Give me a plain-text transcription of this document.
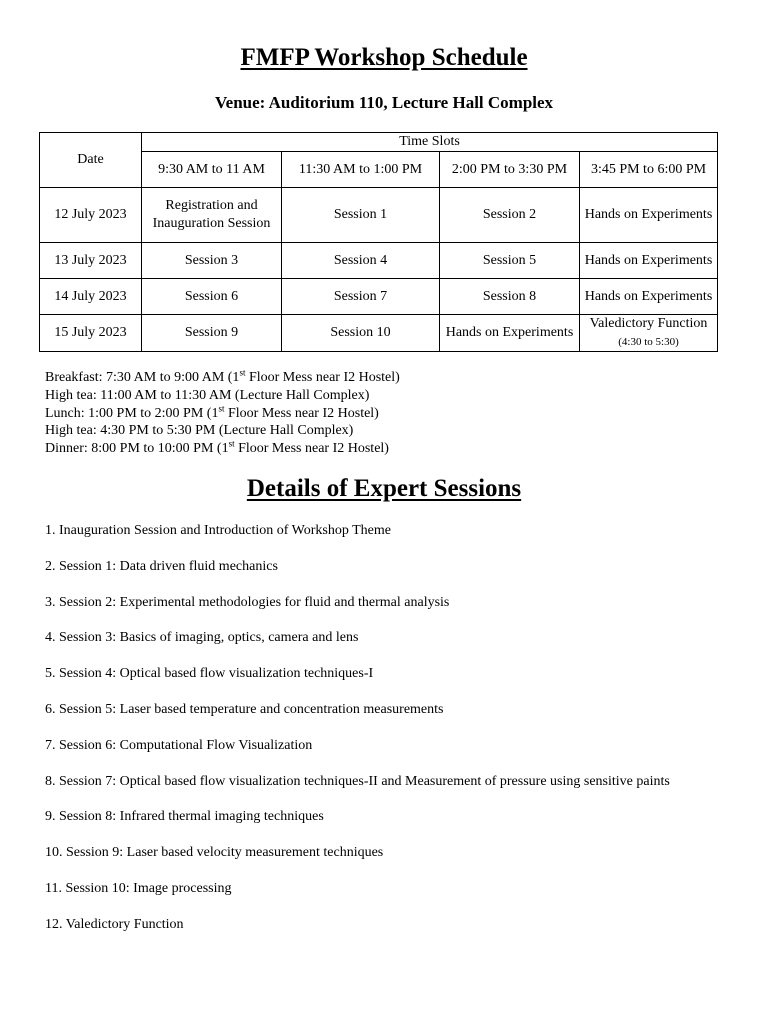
FMFP Workshop Schedule
Venue: Auditorium 110, Lecture Hall Complex
Date	Time Slots			
	9:30 AM to 11 AM	11:30 AM to 1:00 PM	2:00 PM to 3:30 PM	3:45 PM to 6:00 PM
12 July 2023	Registration and Inauguration Session	Session 1	Session 2	Hands on Experiments
13 July 2023	Session 3	Session 4	Session 5	Hands on Experiments
14 July 2023	Session 6	Session 7	Session 8	Hands on Experiments
15 July 2023	Session 9	Session 10	Hands on Experiments	Valedictory Function (4:30 to 5:30)
Breakfast: 7:30 AM to 9:00 AM (1st Floor Mess near I2 Hostel)
High tea: 11:00 AM to 11:30 AM (Lecture Hall Complex)
Lunch: 1:00 PM to 2:00 PM (1st Floor Mess near I2 Hostel)
High tea: 4:30 PM to 5:30 PM (Lecture Hall Complex)
Dinner: 8:00 PM to 10:00 PM (1st Floor Mess near I2 Hostel)
Details of Expert Sessions
1. Inauguration Session and Introduction of Workshop Theme
2. Session 1: Data driven fluid mechanics
3. Session 2: Experimental methodologies for fluid and thermal analysis
4. Session 3: Basics of imaging, optics, camera and lens
5. Session 4: Optical based flow visualization techniques-I
6. Session 5: Laser based temperature and concentration measurements
7. Session 6: Computational Flow Visualization
8. Session 7: Optical based flow visualization techniques-II and Measurement of pressure using sensitive paints
9. Session 8: Infrared thermal imaging techniques
10. Session 9: Laser based velocity measurement techniques
11. Session 10: Image processing
12. Valedictory Function
